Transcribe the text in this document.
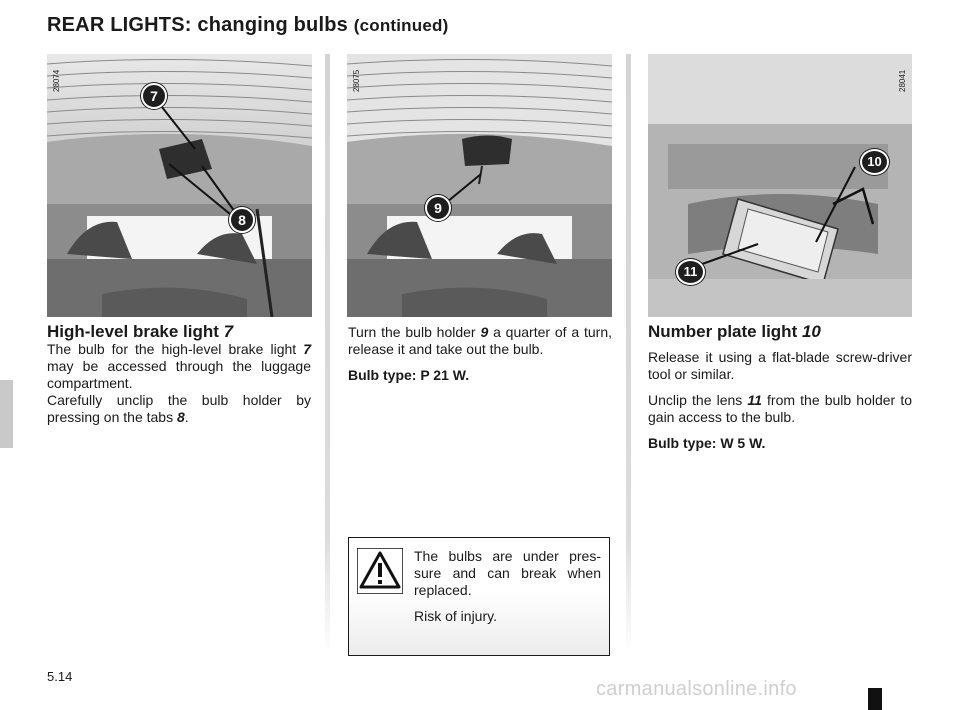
REAR LIGHTS: changing bulbs (continued)
28074
7
8
28075
9
28041
10
11
High-level brake light 7

The bulb for the high-level brake light 7 may be accessed through the luggage compartment.

Carefully unclip the bulb holder by pressing on the tabs 8.

Turn the bulb holder 9 a quarter of a turn, release it and take out the bulb.

Bulb type: P 21 W.

The bulbs are under pres-sure and can break when replaced.

Risk of injury.

Number plate light 10

Release it using a flat-blade screw-driver tool or similar.

Unclip the lens 11 from the bulb holder to gain access to the bulb.

Bulb type: W 5 W.

5.14
carmanualsonline.info
